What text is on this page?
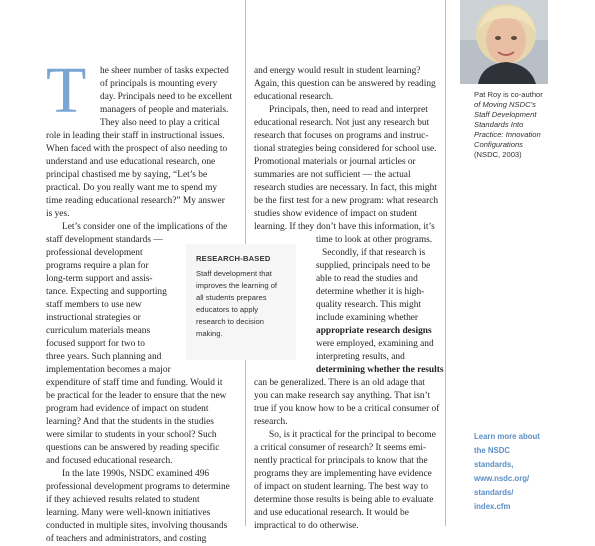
T he sheer number of tasks expected
of principals is mounting every
day. Principals need to be excellent
managers of people and materials.
They also need to play a critical
role in leading their staff in instructional issues.
When faced with the prospect of also needing to
understand and use educational research, one
principal chastised me by saying, “Let’s be
practical. Do you really want me to spend my
time reading educational research?” My answer
is yes.
Let’s consider one of the implications of the
staff development standards —
professional development
programs require a plan for
long-term support and assis-
tance. Expecting and supporting
staff members to use new
instructional strategies or
curriculum materials means
focused support for two to
three years. Such planning and
implementation becomes a major
expenditure of staff time and funding. Would it
be practical for the leader to ensure that the new
program had evidence of impact on student
learning? And that the students in the studies
were similar to students in your school? Such
questions can be answered by reading specific
and focused educational research.
In the late 1990s, NSDC examined 496
professional development programs to determine
if they achieved results related to student
learning. Many were well-known initiatives
conducted in multiple sites, involving thousands
of teachers and administrators, and costing
and energy would result in student learning?
Again, this question can be answered by reading
educational research.
Principals, then, need to read and interpret
educational research. Not just any research but
research that focuses on programs and instruc-
tional strategies being considered for school use.
Promotional materials or journal articles or
summaries are not sufficient — the actual
research studies are necessary. In fact, this might
be the first test for a new program: what research
studies show evidence of impact on student
learning. If they don’t have this information, it’s
time to look at other programs.
Secondly, if that research is
supplied, principals need to be
able to read the studies and
determine whether it is high-
quality research. This might
include examining whether
appropriate research designs
were employed, examining and
interpreting results, and
determining whether the results
can be generalized. There is an old adage that
you can make research say anything. That isn’t
true if you know how to be a critical consumer of
research.
So, is it practical for the principal to become
a critical consumer of research? It seems emi-
nently practical for principals to know that the
programs they are implementing have evidence
of impact on student learning. The best way to
determine those results is being able to evaluate
and use educational research. It would be
impractical to do otherwise.
RESEARCH-BASED
Staff development that
improves the learning of
all students prepares
educators to apply
research to decision
making.
Pat Roy is co-author
of Moving NSDC’s
Staff Development
Standards Into
Practice: Innovation
Configurations
(NSDC, 2003)
Learn more about
the NSDC
standards,
www.nsdc.org/
standards/
index.cfm
